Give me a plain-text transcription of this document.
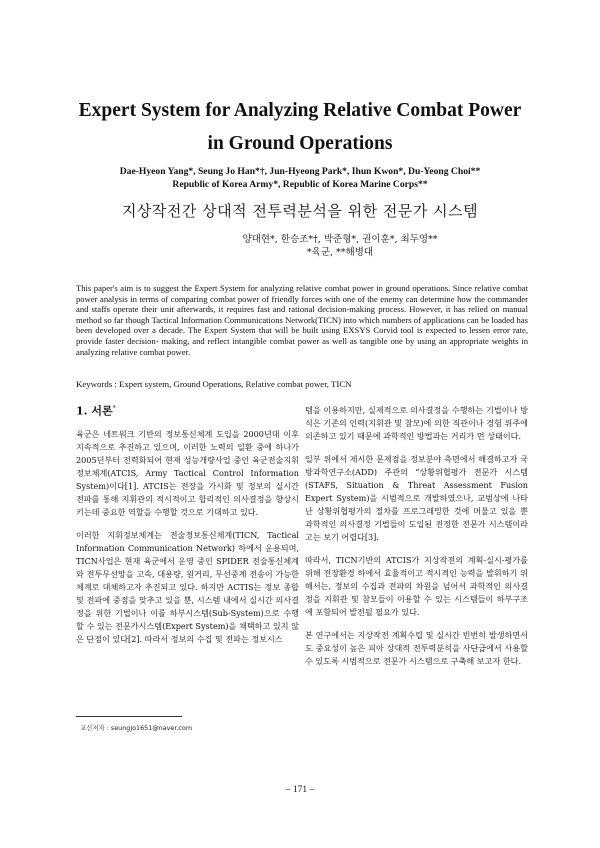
Expert System for Analyzing Relative Combat Power
in Ground Operations
Dae-Hyeon Yang*, Seung Jo Han*†, Jun-Hyeong Park*, Ihun Kwon*, Du-Yeong Choi**
Republic of Korea Army*, Republic of Korea Marine Corps**
지상작전간 상대적 전투력분석을 위한 전문가 시스템
양대현*, 한승조*†, 박준형*, 권이훈*, 최두영**
*육군, **해병대

This paper's aim is to suggest the Expert System for analyzing relative combat power in ground operations. Since relative combat power analysis in terms of comparing combat power of friendly forces with one of the enemy can determine how the commander and staffs operate their unit afterwards, it requires fast and rational decision-making process. However, it has relied on manual method so far though Tactical Information Communications Network(TICN) into which numbers of applications can be loaded has been developed over a decade. The Expert System that will be built using EXSYS Corvid tool is expected to lessen error rate, provide faster decision- making, and reflect intangible combat power as well as tangible one by using an appropriate weights in analyzing relative combat power.

Keywords : Expert system, Ground Operations, Relative combat power, TICN
1. 서론*

육군은 네트워크 기반의 정보통신체계 도입을 2000년대 이후 지속적으로 추진하고 있으며, 이러한 노력의 일환 중에 하나가 2005년부터 전력화되어 현재 성능개량사업 중인 육군전술지휘정보체계(ATCIS, Army Tactical Control Information System)이다[1]. ATCIS는 전장을 가시화 및 정보의 실시간 전파를 통해 지휘관의 적시적이고 합리적인 의사결정을 향상시키는데 중요한 역할을 수행할 것으로 기대하고 있다.

이러한 지휘정보체계는 전술정보통신체계(TICN, Tactical Information Communication Network) 하에서 운용되며, TICN사업은 현재 육군에서 운영 중인 SPIDER 전술통신체계와 전투무선망을 고속, 대용량, 원거리, 무선중계 전송이 가능한 체계로 대체하고자 추진되고 있다. 하지만 ACTIS는 정보 종합 및 전파에 중점을 맞추고 있을 뿐, 시스템 내에서 실시간 의사결정을 위한 기법이나 이를 하부시스템(Sub-System)으로 수행할 수 있는 전문가시스템(Expert System)을 채택하고 있지 않은 단점이 있다[2]. 따라서 정보의 수집 및 전파는 정보시스

템을 이용하지만, 실제적으로 의사결정을 수행하는 기법이나 방식은 기존의 인력(지휘관 및 참모)에 의한 직관이나 경험 위주에 의존하고 있기 때문에 과학적인 방법과는 거리가 먼 상태이다.

일부 위에서 제시한 문제점을 정보분야 측면에서 해결하고자 국방과학연구소(ADD) 주관의 “상황위협평가 전문가 시스템(STAFS, Situation & Threat Assessment Fusion Expert System)을 시범적으로 개발하였으나, 교범상에 나타난 상황위협평가의 절차를 프로그래밍한 것에 머물고 있을 뿐 과학적인 의사결정 기법들이 도입된 진정한 전문가 시스템이라고는 보기 어렵다[3].

따라서, TICN기반의 ATCIS가 지상작전의 계획-실시-평가를 위해 전장환경 하에서 효율적이고 적시적인 능력을 발휘하기 위해서는, 정보의 수집과 전파의 차원을 넘어서 과학적인 의사결정을 지휘관 및 참모들이 이용할 수 있는 시스템들이 하부구조에 포함되어 발전될 필요가 있다.

본 연구에서는 지상작전 계획수립 및 실시간 빈번히 발생하면서도 중요성이 높은 피아 상대적 전투력분석을 사단급에서 사용할 수 있도록 시범적으로 전문가 시스템으로 구축해 보고자 한다.

교신저자 : seungjo1651@naver.com
– 171 –
